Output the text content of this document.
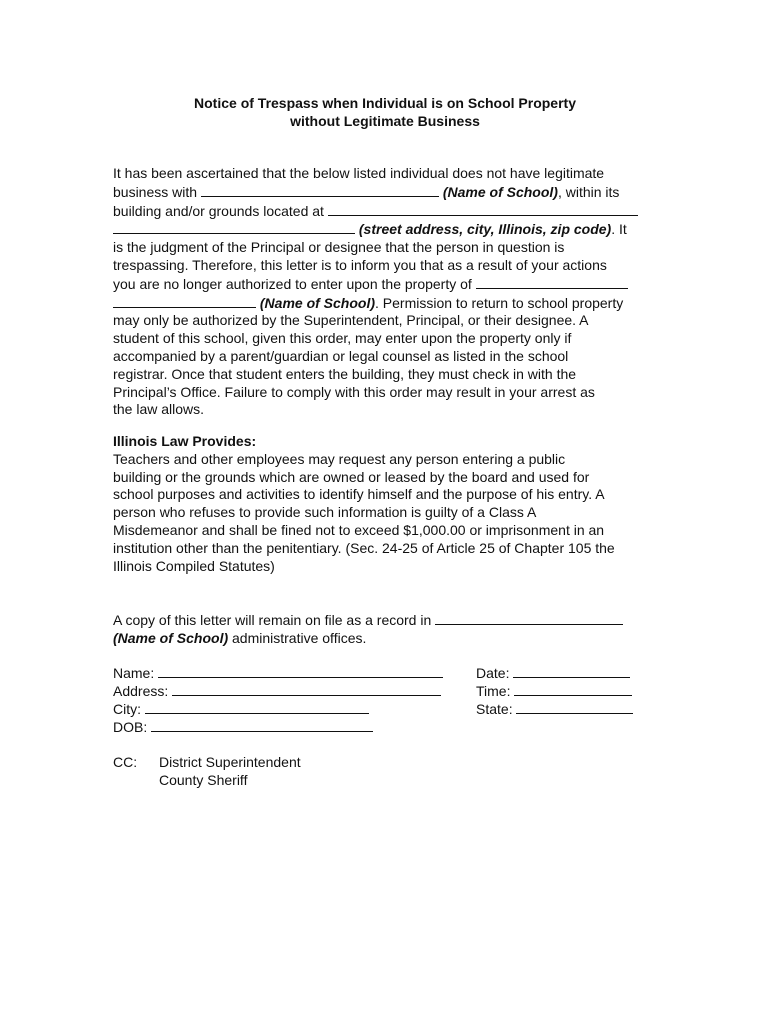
Notice of Trespass when Individual is on School Property
without Legitimate Business
It has been ascertained that the below listed individual does not have legitimate
business with	(Name of School), within its
building and/or grounds located at
(street address, city, Illinois, zip code). It
is the judgment of the Principal or designee that the person in question is
trespassing. Therefore, this letter is to inform you that as a result of your actions
you are no longer authorized to enter upon the property of
(Name of School). Permission to return to school property
may only be authorized by the Superintendent, Principal, or their designee. A
student of this school, given this order, may enter upon the property only if
accompanied by a parent/guardian or legal counsel as listed in the school
registrar. Once that student enters the building, they must check in with the
Principal’s Office. Failure to comply with this order may result in your arrest as
the law allows.
Illinois Law Provides:
Teachers and other employees may request any person entering a public
building or the grounds which are owned or leased by the board and used for
school purposes and activities to identify himself and the purpose of his entry. A
person who refuses to provide such information is guilty of a Class A
Misdemeanor and shall be fined not to exceed $1,000.00 or imprisonment in an
institution other than the penitentiary. (Sec. 24-25 of Article 25 of Chapter 105 the
Illinois Compiled Statutes)
A copy of this letter will remain on file as a record in
(Name of School) administrative offices.
Name:
Address:
City:
DOB:
Date:
Time:
State:
CC: District Superintendent
County Sheriff
